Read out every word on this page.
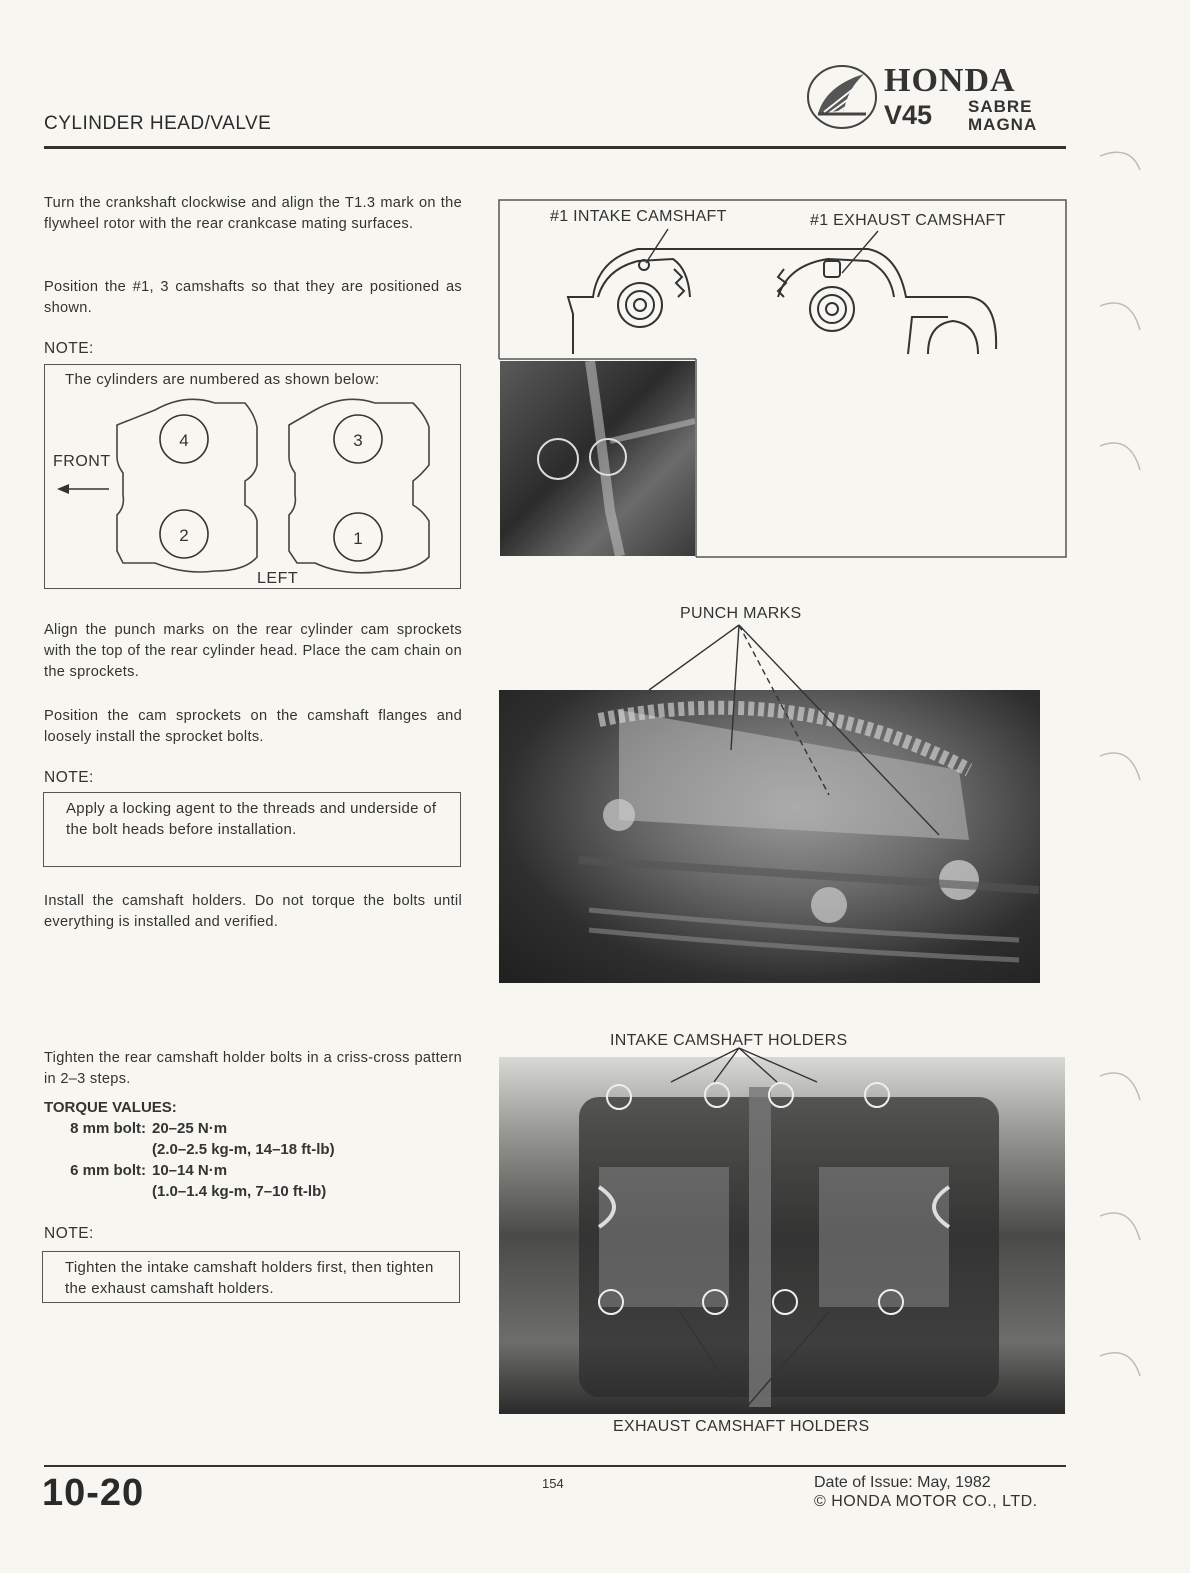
CYLINDER HEAD/VALVE
HONDA
V45 SABRE
MAGNA
Turn the crankshaft clockwise and align the T1.3 mark on the flywheel rotor with the rear crankcase mating surfaces.
Position the #1, 3 camshafts so that they are positioned as shown.
NOTE:
The cylinders are numbered as shown below:
4
2
3
1
FRONT
LEFT
#1 INTAKE CAMSHAFT	#1 EXHAUST CAMSHAFT
Align the punch marks on the rear cylinder cam sprockets with the top of the rear cylinder head. Place the cam chain on the sprockets.
Position the cam sprockets on the camshaft flanges and loosely install the sprocket bolts.
NOTE:
Apply a locking agent to the threads and underside of the bolt heads before installation.
Install the camshaft holders. Do not torque the bolts until everything is installed and verified.
PUNCH MARKS
Tighten the rear camshaft holder bolts in a criss-cross pattern in 2–3 steps.
TORQUE VALUES:
8 mm bolt: 20–25 N·m
(2.0–2.5 kg-m, 14–18 ft-lb)
6 mm bolt: 10–14 N·m
(1.0–1.4 kg-m, 7–10 ft-lb)
NOTE:
Tighten the intake camshaft holders first, then tighten the exhaust camshaft holders.
INTAKE CAMSHAFT HOLDERS
EXHAUST CAMSHAFT HOLDERS
10-20	154	Date of Issue: May, 1982
© HONDA MOTOR CO., LTD.
